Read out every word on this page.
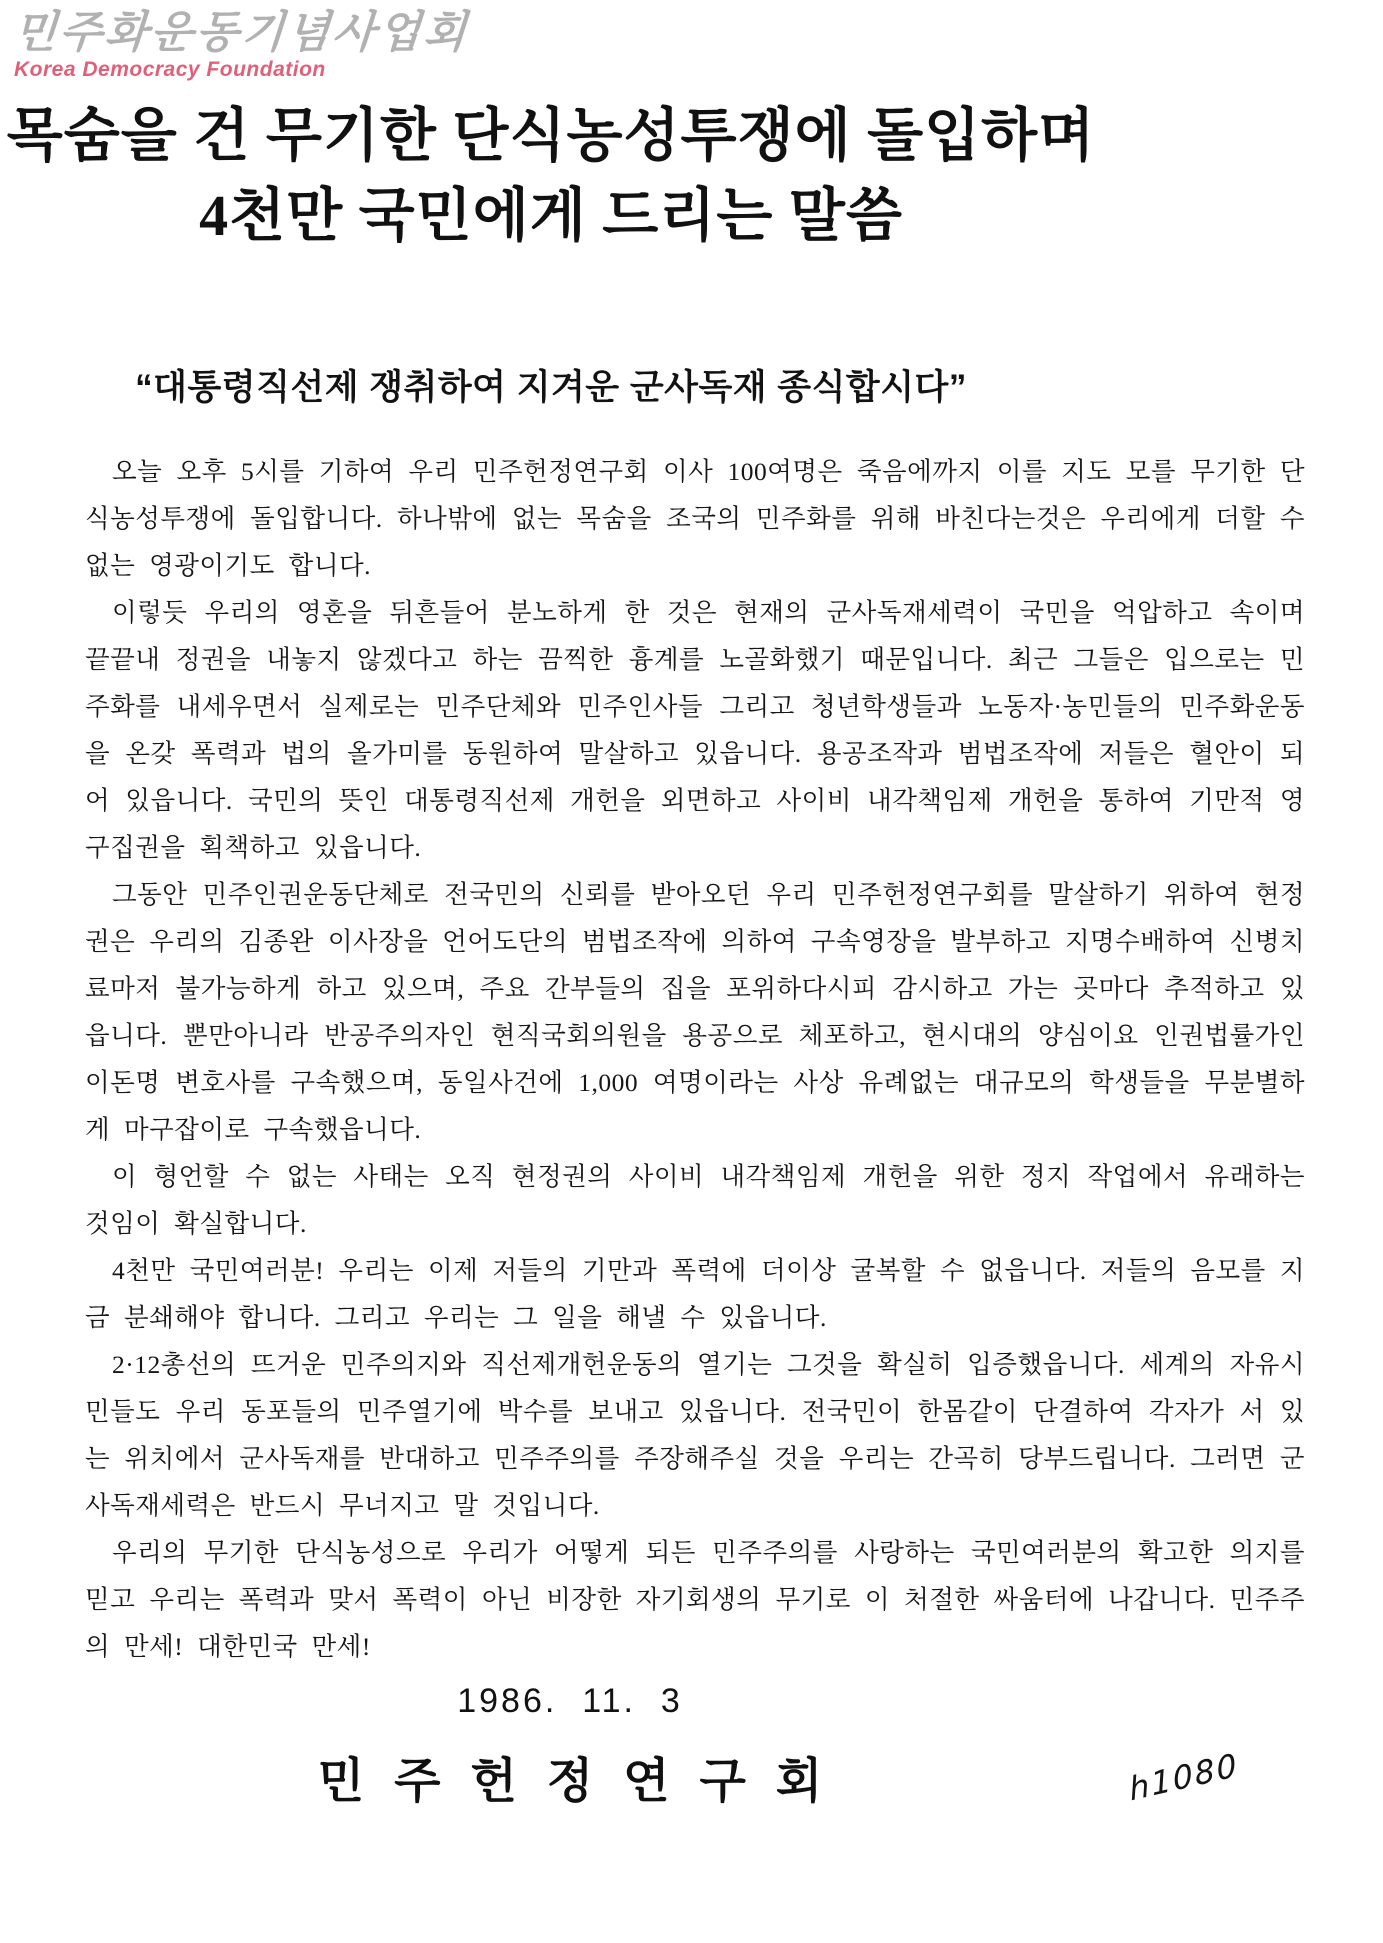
민주화운동기념사업회
Korea Democracy Foundation
목숨을 건 무기한 단식농성투쟁에 돌입하며
4천만 국민에게 드리는 말씀
“대통령직선제 쟁취하여 지겨운 군사독재 종식합시다”

오늘 오후 5시를 기하여 우리 민주헌정연구회 이사 100여명은 죽음에까지 이를 지도 모를 무기한 단식농성투쟁에 돌입합니다. 하나밖에 없는 목숨을 조국의 민주화를 위해 바친다는것은 우리에게 더할 수 없는 영광이기도 합니다.

이렇듯 우리의 영혼을 뒤흔들어 분노하게 한 것은 현재의 군사독재세력이 국민을 억압하고 속이며 끝끝내 정권을 내놓지 않겠다고 하는 끔찍한 흉계를 노골화했기 때문입니다. 최근 그들은 입으로는 민주화를 내세우면서 실제로는 민주단체와 민주인사들 그리고 청년학생들과 노동자·농민들의 민주화운동을 온갖 폭력과 법의 올가미를 동원하여 말살하고 있읍니다. 용공조작과 범법조작에 저들은 혈안이 되어 있읍니다. 국민의 뜻인 대통령직선제 개헌을 외면하고 사이비 내각책임제 개헌을 통하여 기만적 영구집권을 획책하고 있읍니다.

그동안 민주인권운동단체로 전국민의 신뢰를 받아오던 우리 민주헌정연구회를 말살하기 위하여 현정권은 우리의 김종완 이사장을 언어도단의 범법조작에 의하여 구속영장을 발부하고 지명수배하여 신병치료마저 불가능하게 하고 있으며, 주요 간부들의 집을 포위하다시피 감시하고 가는 곳마다 추적하고 있읍니다. 뿐만아니라 반공주의자인 현직국회의원을 용공으로 체포하고, 현시대의 양심이요 인권법률가인 이돈명 변호사를 구속했으며, 동일사건에 1,000 여명이라는 사상 유례없는 대규모의 학생들을 무분별하게 마구잡이로 구속했읍니다.

이 형언할 수 없는 사태는 오직 현정권의 사이비 내각책임제 개헌을 위한 정지 작업에서 유래하는 것임이 확실합니다.

4천만 국민여러분! 우리는 이제 저들의 기만과 폭력에 더이상 굴복할 수 없읍니다. 저들의 음모를 지금 분쇄해야 합니다. 그리고 우리는 그 일을 해낼 수 있읍니다.

2·12총선의 뜨거운 민주의지와 직선제개헌운동의 열기는 그것을 확실히 입증했읍니다. 세계의 자유시민들도 우리 동포들의 민주열기에 박수를 보내고 있읍니다. 전국민이 한몸같이 단결하여 각자가 서 있는 위치에서 군사독재를 반대하고 민주주의를 주장해주실 것을 우리는 간곡히 당부드립니다. 그러면 군사독재세력은 반드시 무너지고 말 것입니다.

우리의 무기한 단식농성으로 우리가 어떻게 되든 민주주의를 사랑하는 국민여러분의 확고한 의지를 믿고 우리는 폭력과 맞서 폭력이 아닌 비장한 자기회생의 무기로 이 처절한 싸움터에 나갑니다. 민주주의 만세! 대한민국 만세!

1986.  11.  3
민주헌정연구회	h1080
